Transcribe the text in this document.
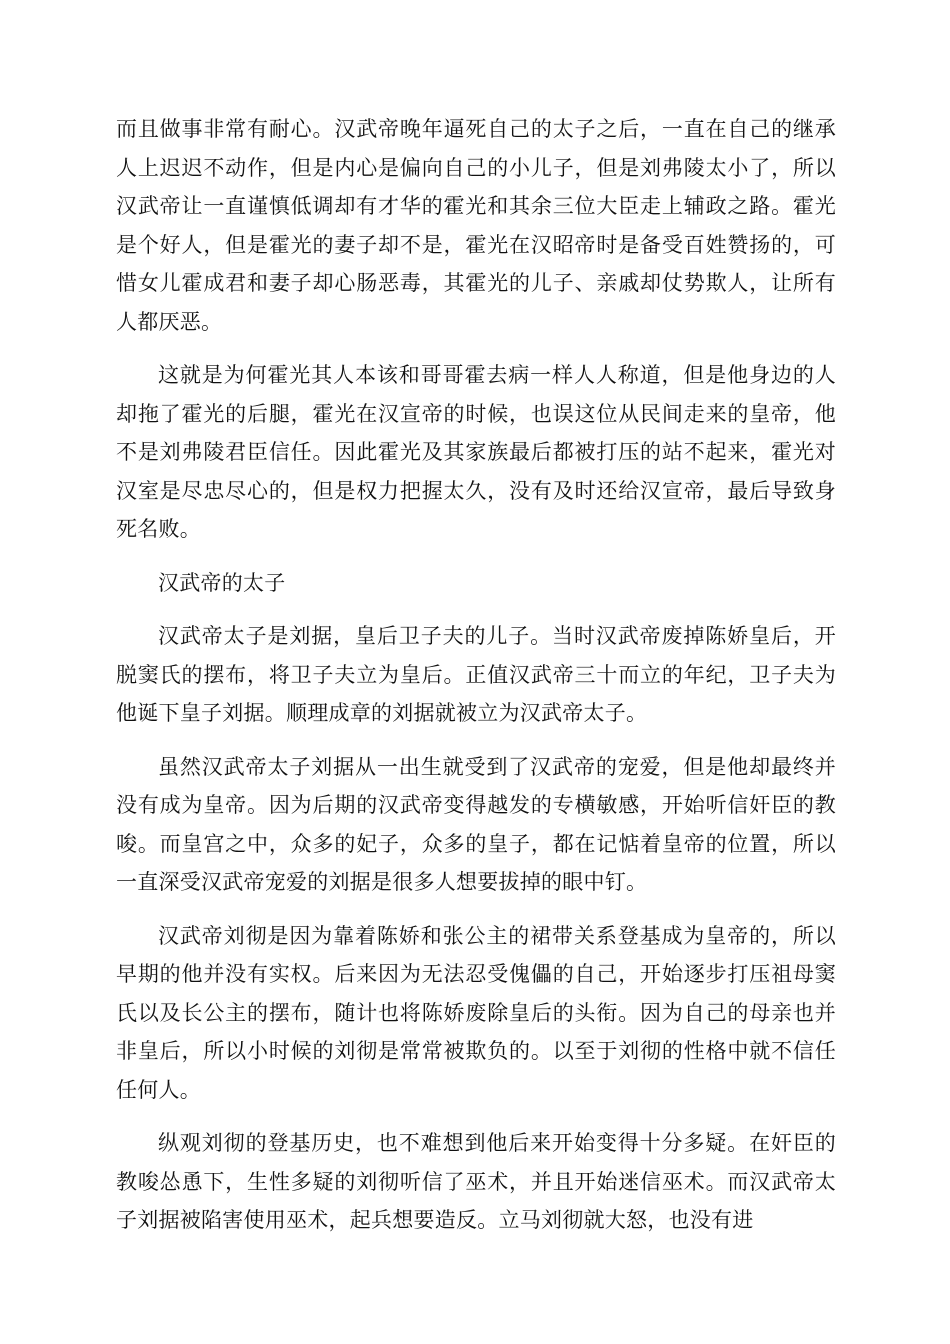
而且做事非常有耐心。汉武帝晚年逼死自己的太子之后，一直在自己的继承人上迟迟不动作，但是内心是偏向自己的小儿子，但是刘弗陵太小了，所以汉武帝让一直谨慎低调却有才华的霍光和其余三位大臣走上辅政之路。霍光是个好人，但是霍光的妻子却不是，霍光在汉昭帝时是备受百姓赞扬的，可惜女儿霍成君和妻子却心肠恶毒，其霍光的儿子、亲戚却仗势欺人，让所有人都厌恶。

这就是为何霍光其人本该和哥哥霍去病一样人人称道，但是他身边的人却拖了霍光的后腿，霍光在汉宣帝的时候，也误这位从民间走来的皇帝，他不是刘弗陵君臣信任。因此霍光及其家族最后都被打压的站不起来，霍光对汉室是尽忠尽心的，但是权力把握太久，没有及时还给汉宣帝，最后导致身死名败。

汉武帝的太子

汉武帝太子是刘据，皇后卫子夫的儿子。当时汉武帝废掉陈娇皇后，开脱窦氏的摆布，将卫子夫立为皇后。正值汉武帝三十而立的年纪，卫子夫为他诞下皇子刘据。顺理成章的刘据就被立为汉武帝太子。

虽然汉武帝太子刘据从一出生就受到了汉武帝的宠爱，但是他却最终并没有成为皇帝。因为后期的汉武帝变得越发的专横敏感，开始听信奸臣的教唆。而皇宫之中，众多的妃子，众多的皇子，都在记惦着皇帝的位置，所以一直深受汉武帝宠爱的刘据是很多人想要拔掉的眼中钉。

汉武帝刘彻是因为靠着陈娇和张公主的裙带关系登基成为皇帝的，所以早期的他并没有实权。后来因为无法忍受傀儡的自己，开始逐步打压祖母窦氏以及长公主的摆布，随计也将陈娇废除皇后的头衔。因为自己的母亲也并非皇后，所以小时候的刘彻是常常被欺负的。以至于刘彻的性格中就不信任任何人。

纵观刘彻的登基历史，也不难想到他后来开始变得十分多疑。在奸臣的教唆怂恿下，生性多疑的刘彻听信了巫术，并且开始迷信巫术。而汉武帝太子刘据被陷害使用巫术，起兵想要造反。立马刘彻就大怒，也没有进
